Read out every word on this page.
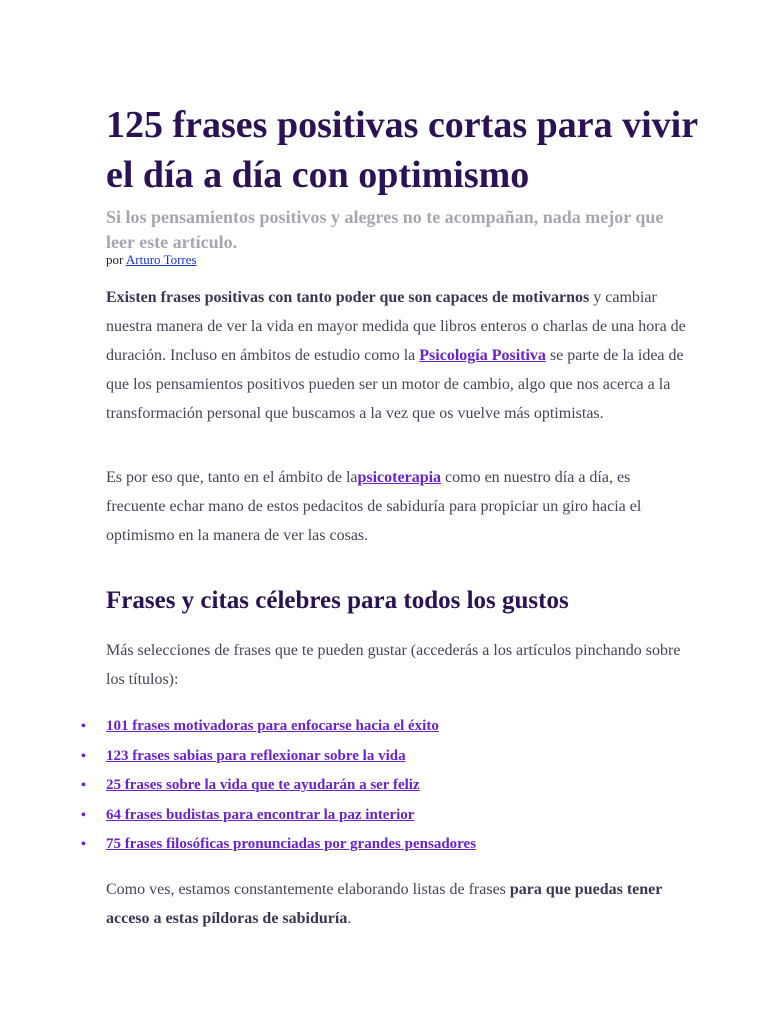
125 frases positivas cortas para vivir el día a día con optimismo

Si los pensamientos positivos y alegres no te acompañan, nada mejor que leer este artículo.

por Arturo Torres

Existen frases positivas con tanto poder que son capaces de motivarnos y cambiar nuestra manera de ver la vida en mayor medida que libros enteros o charlas de una hora de duración. Incluso en ámbitos de estudio como la Psicología Positiva se parte de la idea de que los pensamientos positivos pueden ser un motor de cambio, algo que nos acerca a la transformación personal que buscamos a la vez que os vuelve más optimistas.

Es por eso que, tanto en el ámbito de lapsicoterapia como en nuestro día a día, es frecuente echar mano de estos pedacitos de sabiduría para propiciar un giro hacia el optimismo en la manera de ver las cosas.

Frases y citas célebres para todos los gustos

Más selecciones de frases que te pueden gustar (accederás a los artículos pinchando sobre los títulos):

• 101 frases motivadoras para enfocarse hacia el éxito
• 123 frases sabias para reflexionar sobre la vida
• 25 frases sobre la vida que te ayudarán a ser feliz
• 64 frases budistas para encontrar la paz interior
• 75 frases filosóficas pronunciadas por grandes pensadores

Como ves, estamos constantemente elaborando listas de frases para que puedas tener acceso a estas píldoras de sabiduría.
